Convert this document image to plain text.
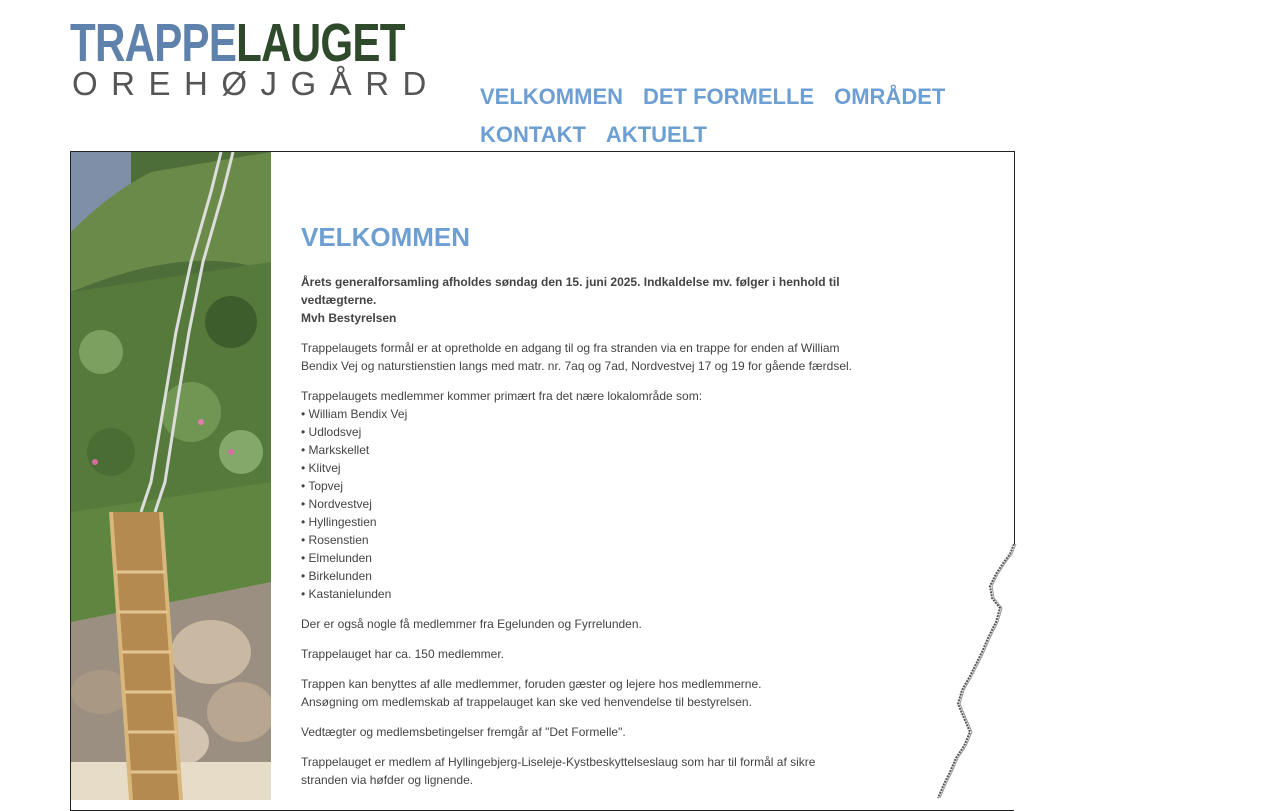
TRAPPELAUGET
OREHØJGÅRD VELKOMMEN DET FORMELLE OMRÅDET
KONTAKT AKTUELT
VELKOMMEN

Årets generalforsamling afholdes søndag den 15. juni 2025. Indkaldelse mv. følger i henhold til vedtægterne.
Mvh Bestyrelsen

Trappelaugets formål er at opretholde en adgang til og fra stranden via en trappe for enden af William Bendix Vej og naturstienstien langs med matr. nr. 7aq og 7ad, Nordvestvej 17 og 19 for gående færdsel.

Trappelaugets medlemmer kommer primært fra det nære lokalområde som:
• William Bendix Vej
• Udlodsvej
• Markskellet
• Klitvej
• Topvej
• Nordvestvej
• Hyllingestien
• Rosenstien
• Elmelunden
• Birkelunden
• Kastanielunden

Der er også nogle få medlemmer fra Egelunden og Fyrrelunden.

Trappelauget har ca. 150 medlemmer.

Trappen kan benyttes af alle medlemmer, foruden gæster og lejere hos medlemmerne.
Ansøgning om medlemskab af trappelauget kan ske ved henvendelse til bestyrelsen.

Vedtægter og medlemsbetingelser fremgår af "Det Formelle".

Trappelauget er medlem af Hyllingebjerg-Liseleje-Kystbeskyttelseslaug som har til formål af sikre stranden via høfder og lignende.
